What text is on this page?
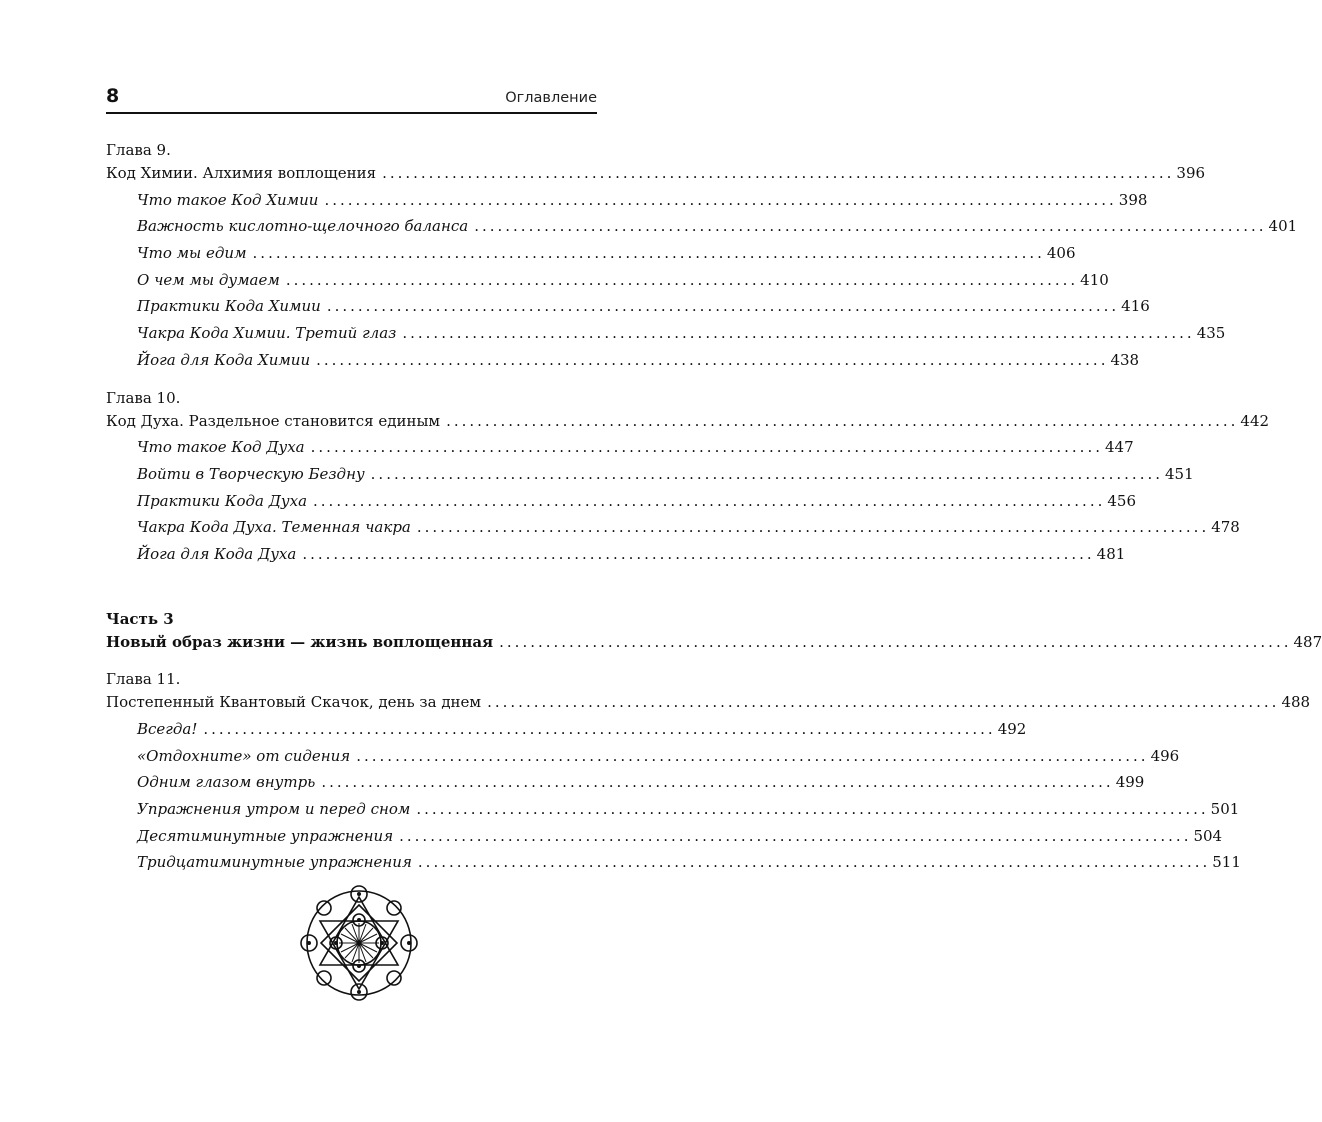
8	Оглавление
Глава 9.
Код Химии. Алхимия воплощения ...................................................................................................... 396
Что такое Код Химии ...................................................................................................... 398
Важность кислотно-щелочного баланса ...................................................................................................... 401
Что мы едим ...................................................................................................... 406
О чем мы думаем ...................................................................................................... 410
Практики Кода Химии ...................................................................................................... 416
Чакра Кода Химии. Третий глаз ...................................................................................................... 435
Йога для Кода Химии ...................................................................................................... 438
Глава 10.
Код Духа. Раздельное становится единым ...................................................................................................... 442
Что такое Код Духа ...................................................................................................... 447
Войти в Творческую Бездну ...................................................................................................... 451
Практики Кода Духа ...................................................................................................... 456
Чакра Кода Духа. Теменная чакра ...................................................................................................... 478
Йога для Кода Духа ...................................................................................................... 481
Часть 3
Новый образ жизни — жизнь воплощенная ...................................................................................................... 487
Глава 11.
Постепенный Квантовый Скачок, день за днем ...................................................................................................... 488
Всегда! ...................................................................................................... 492
«Отдохните» от сидения ...................................................................................................... 496
Одним глазом внутрь ...................................................................................................... 499
Упражнения утром и перед сном ...................................................................................................... 501
Десятиминутные упражнения ...................................................................................................... 504
Тридцатиминутные упражнения ...................................................................................................... 511
